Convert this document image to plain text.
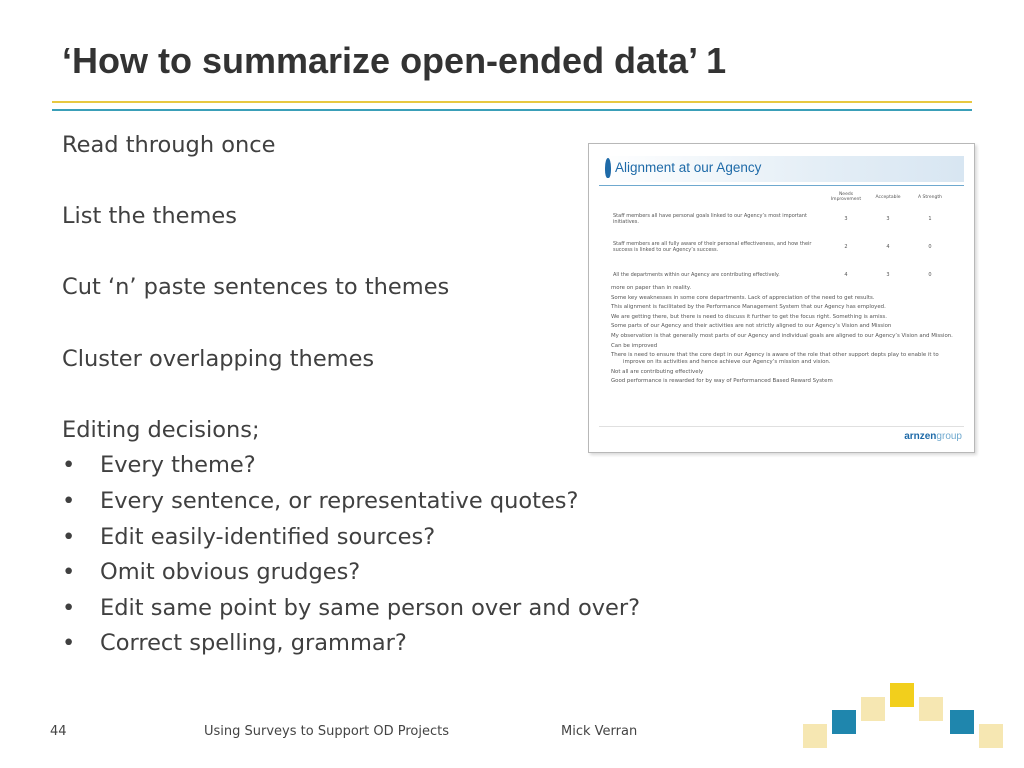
‘How to summarize open-ended data’ 1
Read through once
List the themes
Cut ‘n’ paste sentences to themes
Cluster overlapping themes
Editing decisions;
•	Every theme?
•	Every sentence, or representative quotes?
•	Edit easily-identified sources?
•	Omit obvious grudges?
•	Edit same point by same person over and over?
•	Correct spelling, grammar?
Alignment at our Agency
	Needs Improvement	Acceptable	A Strength
Staff members all have personal goals linked to our Agency’s most important initiatives.	3	3	1
Staff members are all fully aware of their personal effectiveness, and how their success is linked to our Agency’s success.	2	4	0
All the departments within our Agency are contributing effectively.	4	3	0
more on paper than in reality.
Some key weaknesses in some core departments. Lack of appreciation of the need to get results.
This alignment is facilitated by the Performance Management System that our Agency has employed.
We are getting there, but there is need to discuss it further to get the focus right. Something is amiss.
Some parts of our Agency and their activities are not strictly aligned to our Agency’s Vision and Mission
My observation is that generally most parts of our Agency and individual goals are aligned to our Agency’s Vision and Mission.
Can be improved
There is need to ensure that the core dept in our Agency is aware of the role that other support depts play to enable it to improve on its activities and hence achieve our Agency’s mission and vision.
Not all are contributing effectively
Good performance is rewarded for by way of Performanced Based Reward System
arnzengroup
44	Using Surveys to Support OD Projects	Mick Verran
